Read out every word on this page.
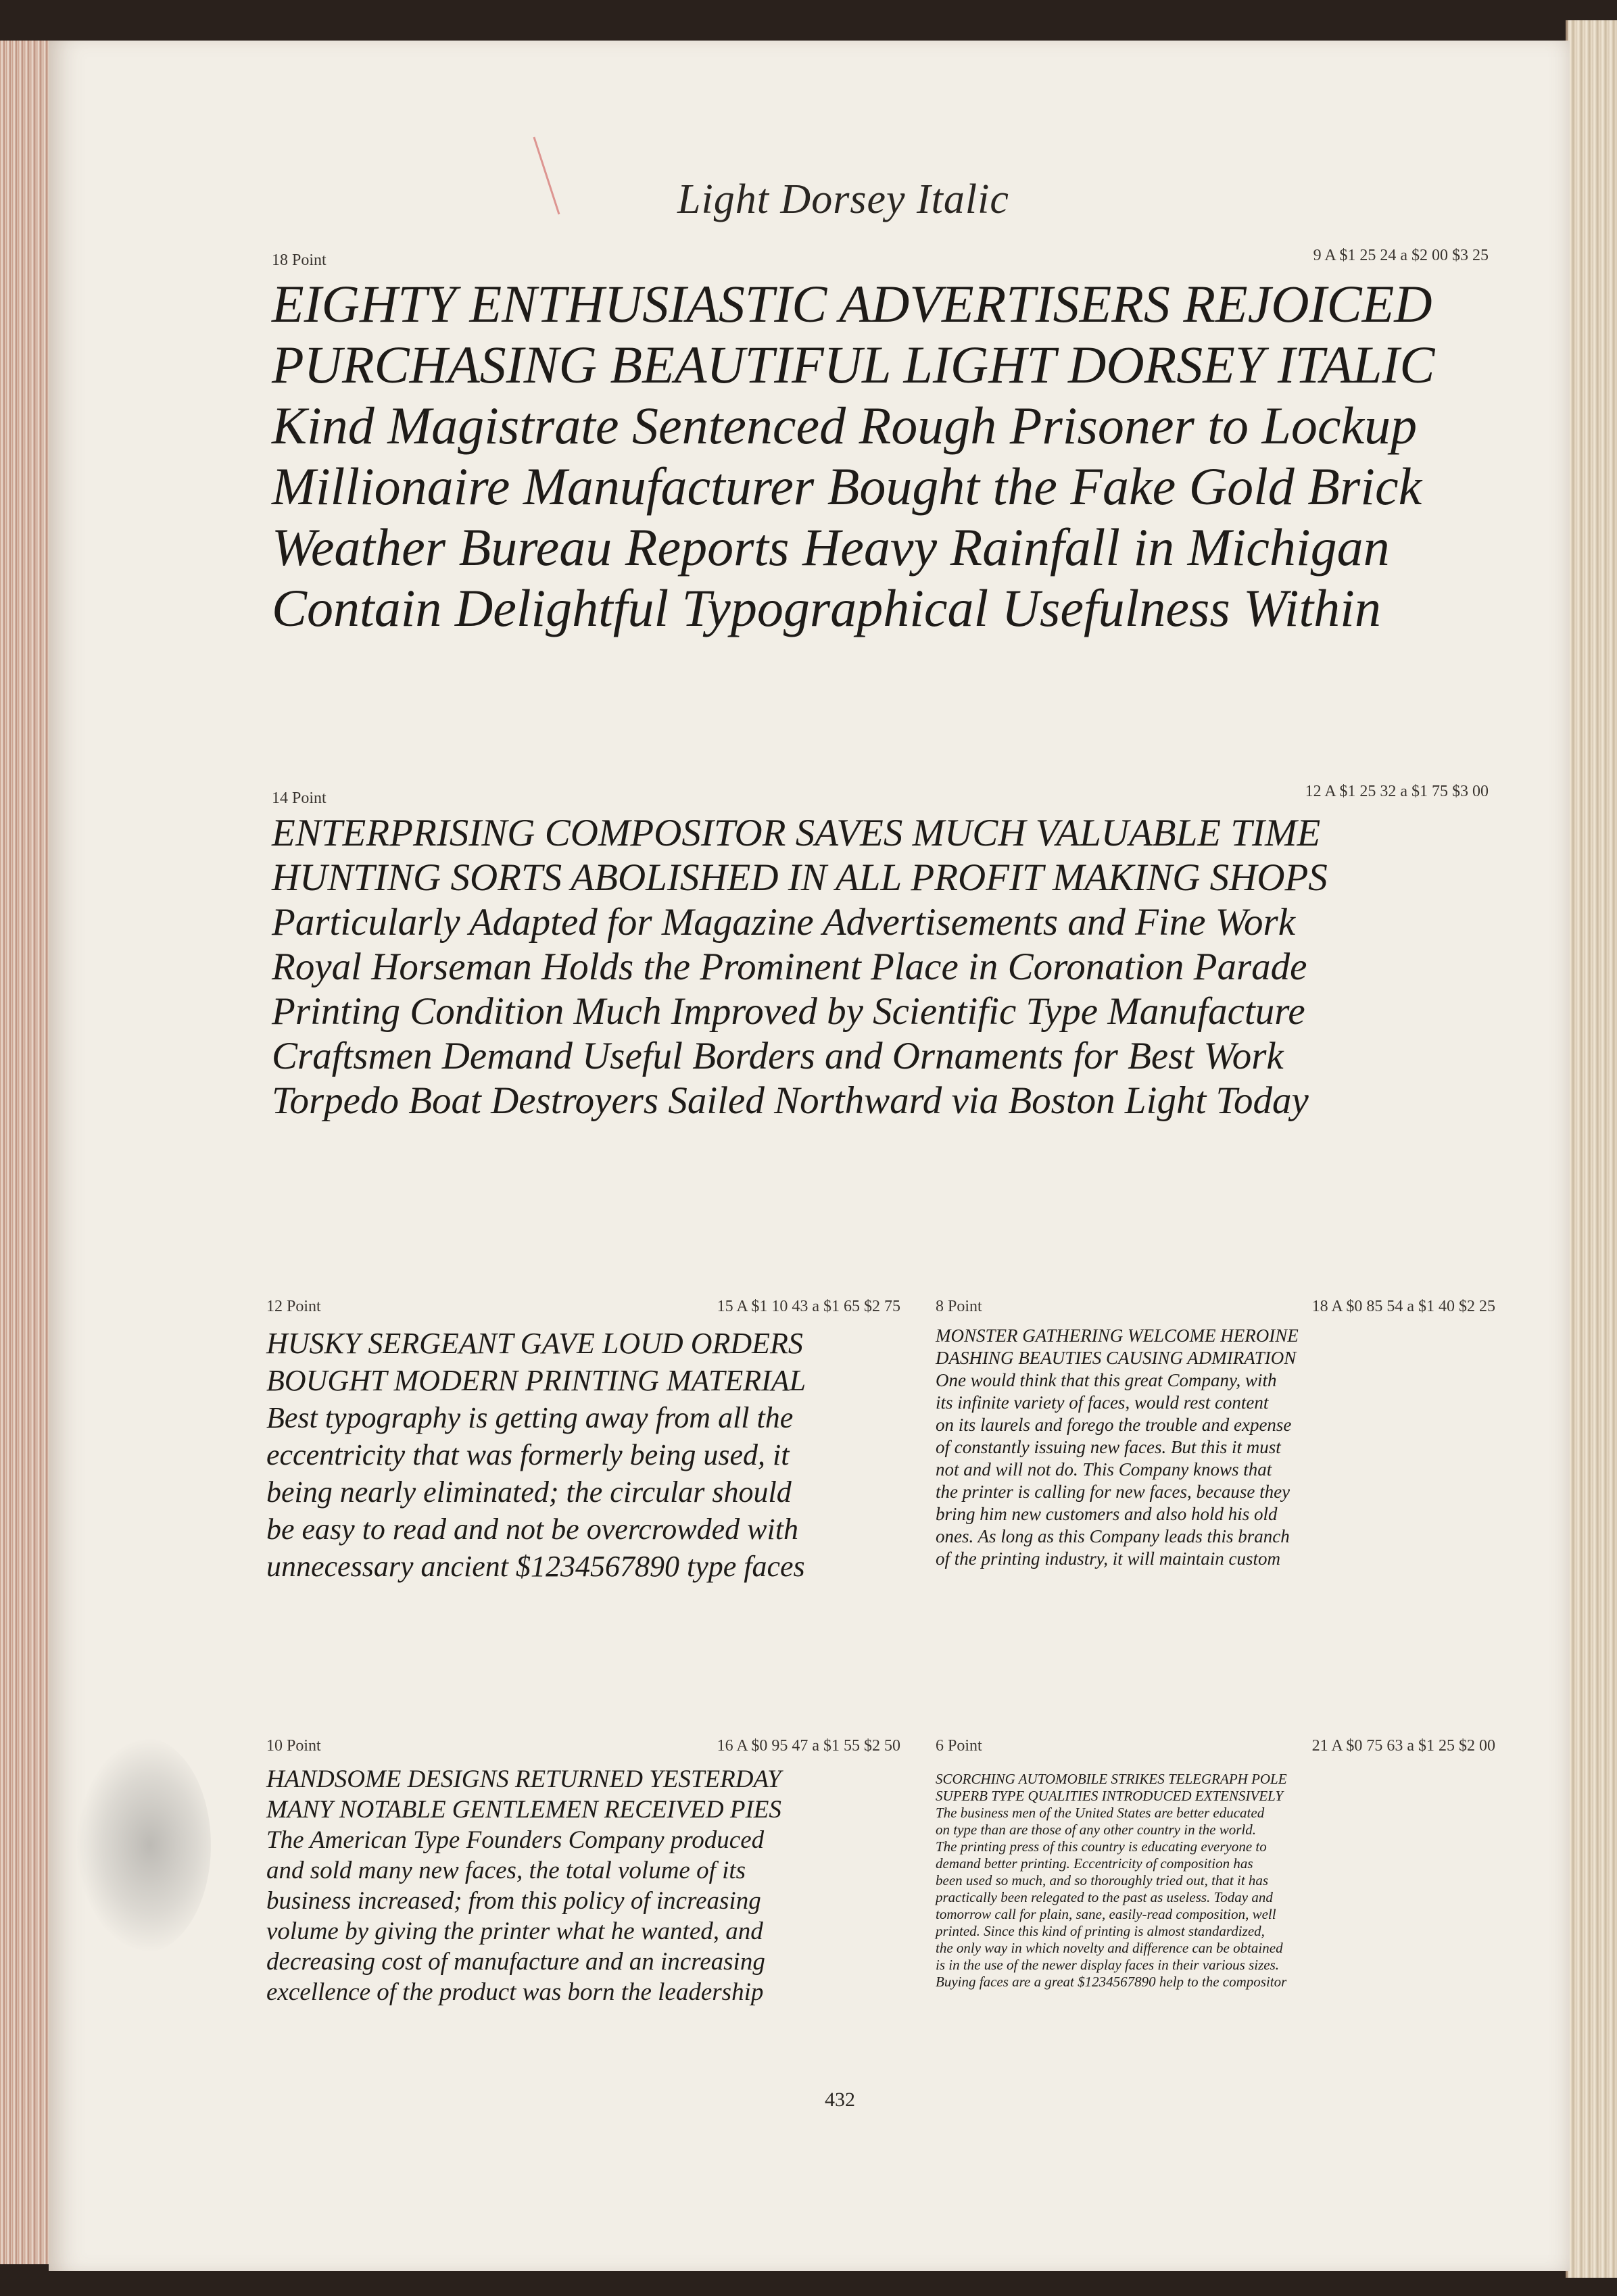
Light Dorsey Italic
18 Point	9 A $1 25 24 a $2 00 $3 25
EIGHTY ENTHUSIASTIC ADVERTISERS REJOICED
PURCHASING BEAUTIFUL LIGHT DORSEY ITALIC
Kind Magistrate Sentenced Rough Prisoner to Lockup
Millionaire Manufacturer Bought the Fake Gold Brick
Weather Bureau Reports Heavy Rainfall in Michigan
Contain Delightful Typographical Usefulness Within
14 Point	12 A $1 25 32 a $1 75 $3 00
ENTERPRISING COMPOSITOR SAVES MUCH VALUABLE TIME
HUNTING SORTS ABOLISHED IN ALL PROFIT MAKING SHOPS
Particularly Adapted for Magazine Advertisements and Fine Work
Royal Horseman Holds the Prominent Place in Coronation Parade
Printing Condition Much Improved by Scientific Type Manufacture
Craftsmen Demand Useful Borders and Ornaments for Best Work
Torpedo Boat Destroyers Sailed Northward via Boston Light Today
12 Point	15 A $1 10 43 a $1 65 $2 75
HUSKY SERGEANT GAVE LOUD ORDERS
BOUGHT MODERN PRINTING MATERIAL
Best typography is getting away from all the
eccentricity that was formerly being used, it
being nearly eliminated; the circular should
be easy to read and not be overcrowded with
unnecessary ancient $1234567890 type faces
8 Point	18 A $0 85 54 a $1 40 $2 25
MONSTER GATHERING WELCOME HEROINE
DASHING BEAUTIES CAUSING ADMIRATION
One would think that this great Company, with
its infinite variety of faces, would rest content
on its laurels and forego the trouble and expense
of constantly issuing new faces. But this it must
not and will not do. This Company knows that
the printer is calling for new faces, because they
bring him new customers and also hold his old
ones. As long as this Company leads this branch
of the printing industry, it will maintain custom
10 Point	16 A $0 95 47 a $1 55 $2 50
HANDSOME DESIGNS RETURNED YESTERDAY
MANY NOTABLE GENTLEMEN RECEIVED PIES
The American Type Founders Company produced
and sold many new faces, the total volume of its
business increased; from this policy of increasing
volume by giving the printer what he wanted, and
decreasing cost of manufacture and an increasing
excellence of the product was born the leadership
6 Point	21 A $0 75 63 a $1 25 $2 00
SCORCHING AUTOMOBILE STRIKES TELEGRAPH POLE
SUPERB TYPE QUALITIES INTRODUCED EXTENSIVELY
The business men of the United States are better educated
on type than are those of any other country in the world.
The printing press of this country is educating everyone to
demand better printing. Eccentricity of composition has
been used so much, and so thoroughly tried out, that it has
practically been relegated to the past as useless. Today and
tomorrow call for plain, sane, easily-read composition, well
printed. Since this kind of printing is almost standardized,
the only way in which novelty and difference can be obtained
is in the use of the newer display faces in their various sizes.
Buying faces are a great $1234567890 help to the compositor
432
